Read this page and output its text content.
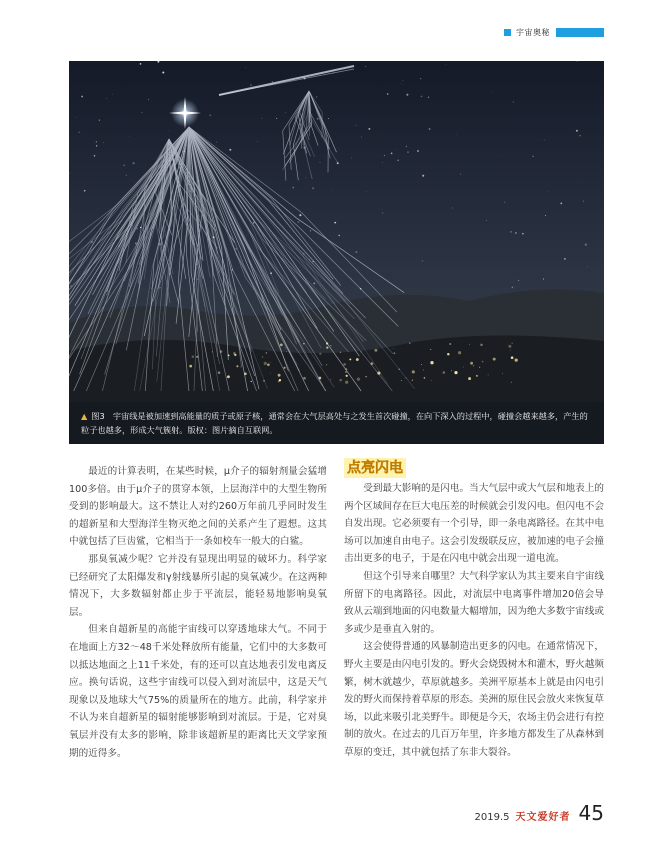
宇宙奥秘
▲ 图3　宇宙线是被加速到高能量的质子或原子核，通常会在大气层高处与之发生首次碰撞，在向下深入的过程中，碰撞会越来越多，产生的粒子也越多，形成大气簇射。版权：图片摘自互联网。

最近的计算表明，在某些时候，μ介子的辐射剂量会猛增100多倍。由于μ介子的贯穿本领，上层海洋中的大型生物所受到的影响最大。这不禁让人对约260万年前几乎同时发生的超新星和大型海洋生物灭绝之间的关系产生了遐想。这其中就包括了巨齿鲨，它相当于一条如校车一般大的白鲨。

那臭氧减少呢？它并没有显现出明显的破坏力。科学家已经研究了太阳爆发和γ射线暴所引起的臭氧减少。在这两种情况下，大多数辐射都止步于平流层，能轻易地影响臭氧层。

但来自超新星的高能宇宙线可以穿透地球大气。不同于在地面上方32～48千米处释放所有能量，它们中的大多数可以抵达地面之上11千米处，有的还可以直达地表引发电离反应。换句话说，这些宇宙线可以侵入到对流层中，这是天气现象以及地球大气75%的质量所在的地方。此前，科学家并不认为来自超新星的辐射能够影响到对流层。于是，它对臭氧层并没有太多的影响，除非该超新星的距离比天文学家预期的近得多。

点亮闪电

受到最大影响的是闪电。当大气层中或大气层和地表上的两个区域间存在巨大电压差的时候就会引发闪电。但闪电不会自发出现。它必须要有一个引导，即一条电离路径。在其中电场可以加速自由电子。这会引发级联反应，被加速的电子会撞击出更多的电子，于是在闪电中就会出现一道电流。

但这个引导来自哪里？大气科学家认为其主要来自宇宙线所留下的电离路径。因此，对流层中电离事件增加20倍会导致从云端到地面的闪电数量大幅增加，因为绝大多数宇宙线或多或少是垂直入射的。

这会使得普通的风暴制造出更多的闪电。在通常情况下，野火主要是由闪电引发的。野火会烧毁树木和灌木，野火越频繁，树木就越少，草原就越多。美洲平原基本上就是由闪电引发的野火而保持着草原的形态。美洲的原住民会放火来恢复草场，以此来吸引北美野牛。即便是今天，农场主仍会进行有控制的放火。在过去的几百万年里，许多地方都发生了从森林到草原的变迁，其中就包括了东非大裂谷。

2019.5 天文爱好者 45
